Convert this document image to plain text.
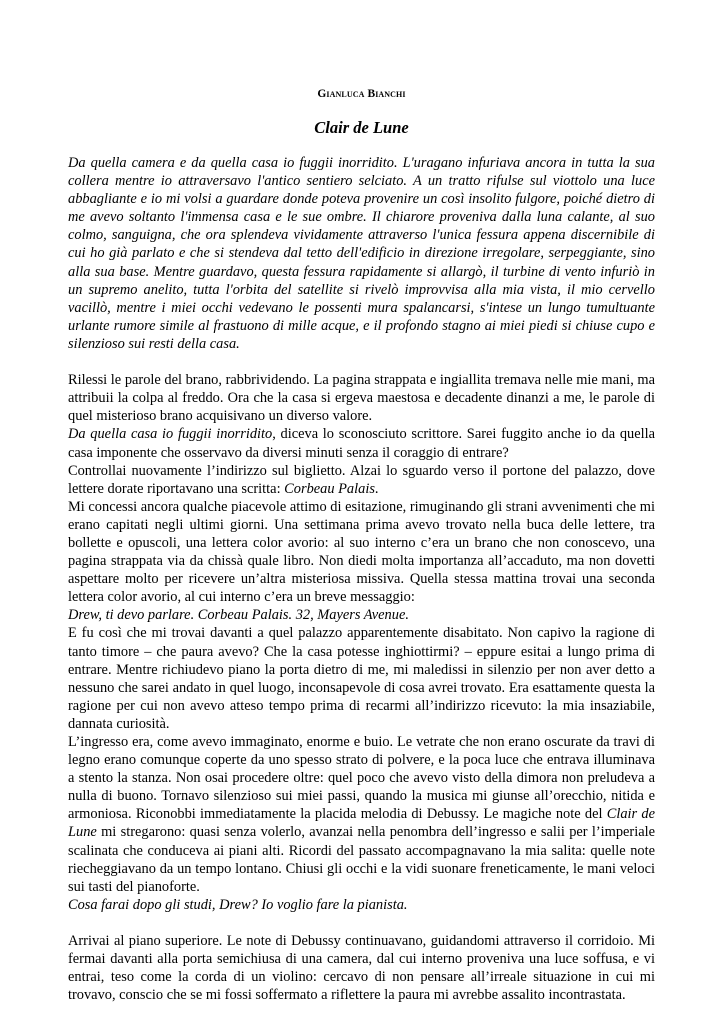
Gianluca Bianchi
Clair de Lune

Da quella camera e da quella casa io fuggii inorridito. L'uragano infuriava ancora in tutta la sua collera mentre io attraversavo l'antico sentiero selciato. A un tratto rifulse sul viottolo una luce abbagliante e io mi volsi a guardare donde poteva provenire un così insolito fulgore, poiché dietro di me avevo soltanto l'immensa casa e le sue ombre. Il chiarore proveniva dalla luna calante, al suo colmo, sanguigna, che ora splendeva vividamente attraverso l'unica fessura appena discernibile di cui ho già parlato e che si stendeva dal tetto dell'edificio in direzione irregolare, serpeggiante, sino alla sua base. Mentre guardavo, questa fessura rapidamente si allargò, il turbine di vento infuriò in un supremo anelito, tutta l'orbita del satellite si rivelò improvvisa alla mia vista, il mio cervello vacillò, mentre i miei occhi vedevano le possenti mura spalancarsi, s'intese un lungo tumultuante urlante rumore simile al frastuono di mille acque, e il profondo stagno ai miei piedi si chiuse cupo e silenzioso sui resti della casa.

Rilessi le parole del brano, rabbrividendo. La pagina strappata e ingiallita tremava nelle mie mani, ma attribuii la colpa al freddo. Ora che la casa si ergeva maestosa e decadente dinanzi a me, le parole di quel misterioso brano acquisivano un diverso valore.

Da quella casa io fuggii inorridito, diceva lo sconosciuto scrittore. Sarei fuggito anche io da quella casa imponente che osservavo da diversi minuti senza il coraggio di entrare?

Controllai nuovamente l’indirizzo sul biglietto. Alzai lo sguardo verso il portone del palazzo, dove lettere dorate riportavano una scritta: Corbeau Palais.

Mi concessi ancora qualche piacevole attimo di esitazione, rimuginando gli strani avvenimenti che mi erano capitati negli ultimi giorni. Una settimana prima avevo trovato nella buca delle lettere, tra bollette e opuscoli, una lettera color avorio: al suo interno c’era un brano che non conoscevo, una pagina strappata via da chissà quale libro. Non diedi molta importanza all’accaduto, ma non dovetti aspettare molto per ricevere un’altra misteriosa missiva. Quella stessa mattina trovai una seconda lettera color avorio, al cui interno c’era un breve messaggio:

Drew, ti devo parlare. Corbeau Palais. 32, Mayers Avenue.

E fu così che mi trovai davanti a quel palazzo apparentemente disabitato. Non capivo la ragione di tanto timore – che paura avevo? Che la casa potesse inghiottirmi? – eppure esitai a lungo prima di entrare. Mentre richiudevo piano la porta dietro di me, mi maledissi in silenzio per non aver detto a nessuno che sarei andato in quel luogo, inconsapevole di cosa avrei trovato. Era esattamente questa la ragione per cui non avevo atteso tempo prima di recarmi all’indirizzo ricevuto: la mia insaziabile, dannata curiosità.

L’ingresso era, come avevo immaginato, enorme e buio. Le vetrate che non erano oscurate da travi di legno erano comunque coperte da uno spesso strato di polvere, e la poca luce che entrava illuminava a stento la stanza. Non osai procedere oltre: quel poco che avevo visto della dimora non preludeva a nulla di buono. Tornavo silenzioso sui miei passi, quando la musica mi giunse all’orecchio, nitida e armoniosa. Riconobbi immediatamente la placida melodia di Debussy. Le magiche note del Clair de Lune mi stregarono: quasi senza volerlo, avanzai nella penombra dell’ingresso e salii per l’imperiale scalinata che conduceva ai piani alti. Ricordi del passato accompagnavano la mia salita: quelle note riecheggiavano da un tempo lontano. Chiusi gli occhi e la vidi suonare freneticamente, le mani veloci sui tasti del pianoforte.

Cosa farai dopo gli studi, Drew? Io voglio fare la pianista.

Arrivai al piano superiore. Le note di Debussy continuavano, guidandomi attraverso il corridoio. Mi fermai davanti alla porta semichiusa di una camera, dal cui interno proveniva una luce soffusa, e vi entrai, teso come la corda di un violino: cercavo di non pensare all’irreale situazione in cui mi trovavo, conscio che se mi fossi soffermato a riflettere la paura mi avrebbe assalito incontrastata.
